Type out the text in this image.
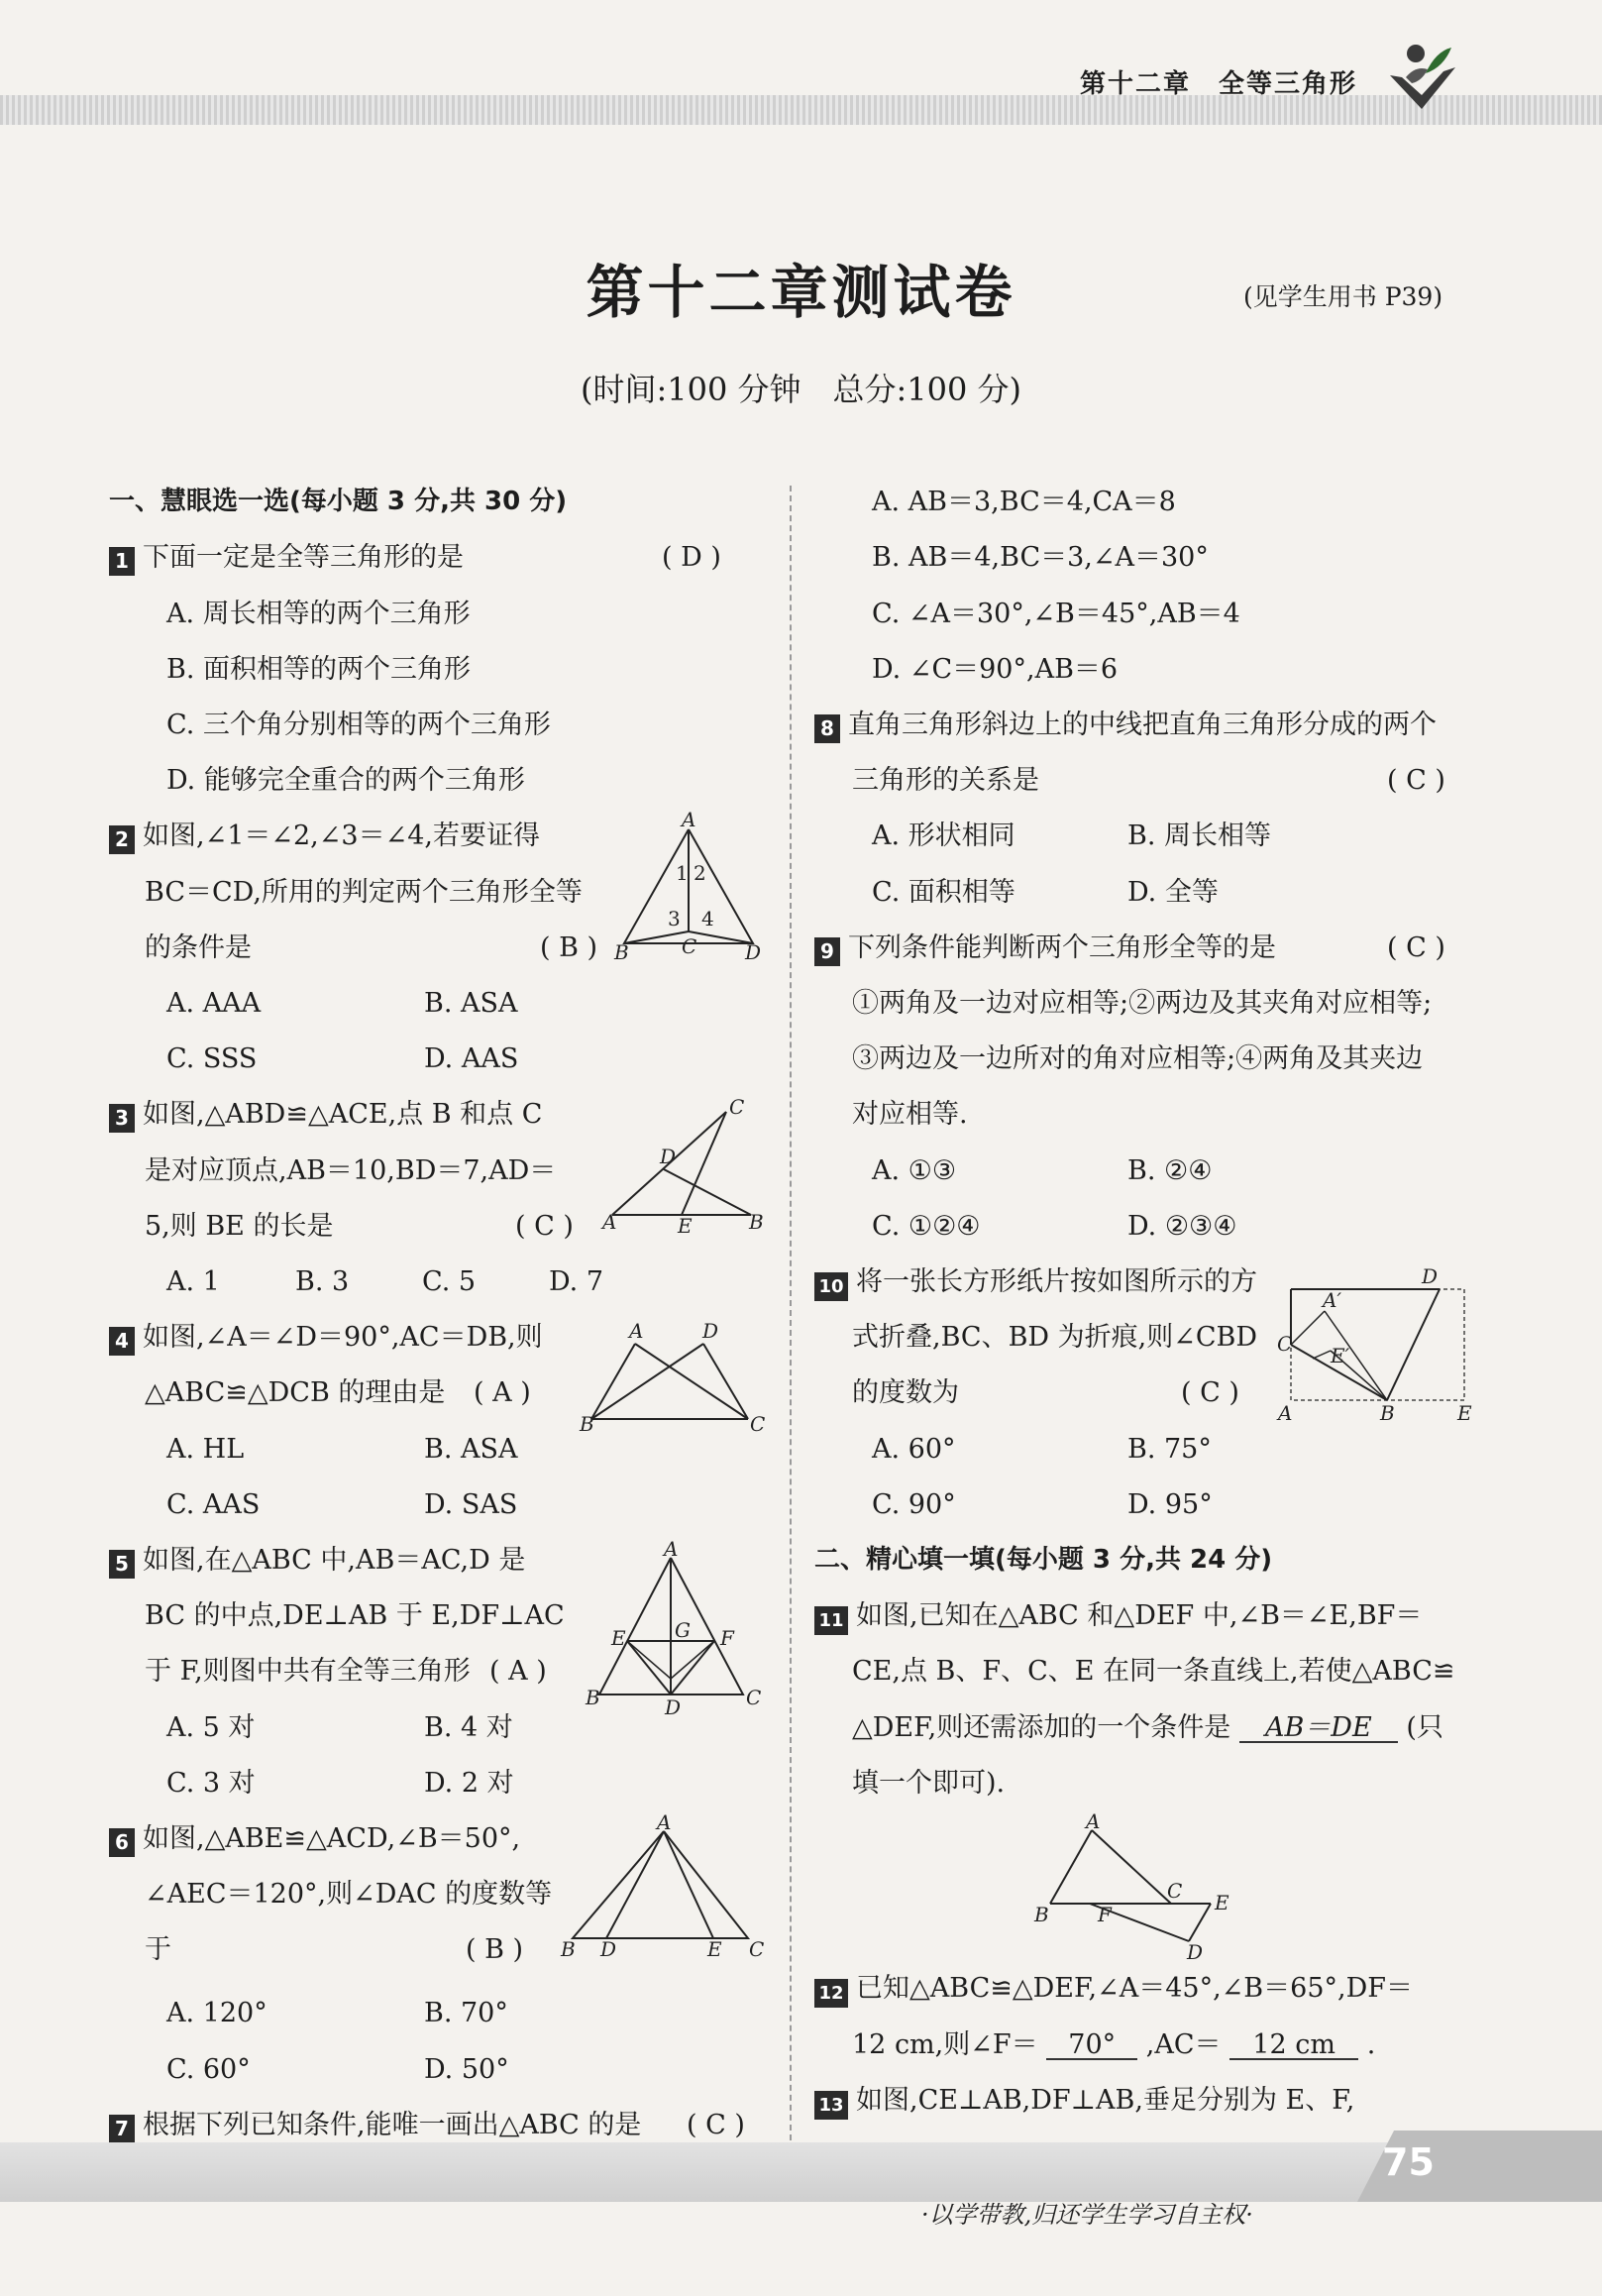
第十二章　全等三角形
第十二章测试卷	(见学生用书 P39)
(时间:100 分钟　总分:100 分)
一、慧眼选一选(每小题 3 分,共 30 分)
1 下面一定是全等三角形的是	( D )
A. 周长相等的两个三角形
B. 面积相等的两个三角形
C. 三个角分别相等的两个三角形
D. 能够完全重合的两个三角形
2 如图,∠1＝∠2,∠3＝∠4,若要证得
BC＝CD,所用的判定两个三角形全等
的条件是	( B )
A. AAA	B. ASA
C. SSS	D. AAS
A
B	C D
1 2
3 4
3 如图,△ABD≌△ACE,点 B 和点 C
是对应顶点,AB＝10,BD＝7,AD＝
5,则 BE 的长是	( C )
A. 1	B. 3	C. 5	D. 7
A	E	B
C
D
4 如图,∠A＝∠D＝90°,AC＝DB,则
△ABC≌△DCB 的理由是 ( A )
A. HL	B. ASA
C. AAS	D. SAS
A	D
B	C
5 如图,在△ABC 中,AB＝AC,D 是
BC 的中点,DE⊥AB 于 E,DF⊥AC
于 F,则图中共有全等三角形 ( A )
A. 5 对	B. 4 对
C. 3 对	D. 2 对
A
E	F
G
B	D	C
6 如图,△ABE≌△ACD,∠B＝50°,
∠AEC＝120°,则∠DAC 的度数等
于	( B )
A. 120°	B. 70°
C. 60°	D. 50°
A
B D	E C
7 根据下列已知条件,能唯一画出△ABC 的是 ( C )
A. AB＝3,BC＝4,CA＝8
B. AB＝4,BC＝3,∠A＝30°
C. ∠A＝30°,∠B＝45°,AB＝4
D. ∠C＝90°,AB＝6
8 直角三角形斜边上的中线把直角三角形分成的两个
三角形的关系是	( C )
A. 形状相同	B. 周长相等
C. 面积相等	D. 全等
9 下列条件能判断两个三角形全等的是	( C )
①两角及一边对应相等;②两边及其夹角对应相等;
③两边及一边所对的角对应相等;④两角及其夹边
对应相等.
A. ①③	B. ②④
C. ①②④	D. ②③④
10 将一张长方形纸片按如图所示的方
式折叠,BC、BD 为折痕,则∠CBD
的度数为	( C )
A. 60°	B. 75°
C. 90°	D. 95°
D
A′
C E′
A	B	E
二、精心填一填(每小题 3 分,共 24 分)
11 如图,已知在△ABC 和△DEF 中,∠B＝∠E,BF＝
CE,点 B、F、C、E 在同一条直线上,若使△ABC≌
△DEF,则还需添加的一个条件是 AB＝DE (只
填一个即可).
A
B F
C E
D
12 已知△ABC≌△DEF,∠A＝45°,∠B＝65°,DF＝
12 cm,则∠F＝ 70° ,AC＝ 12 cm .
13 如图,CE⊥AB,DF⊥AB,垂足分别为 E、F,
75
·以学带教,归还学生学习自主权·
